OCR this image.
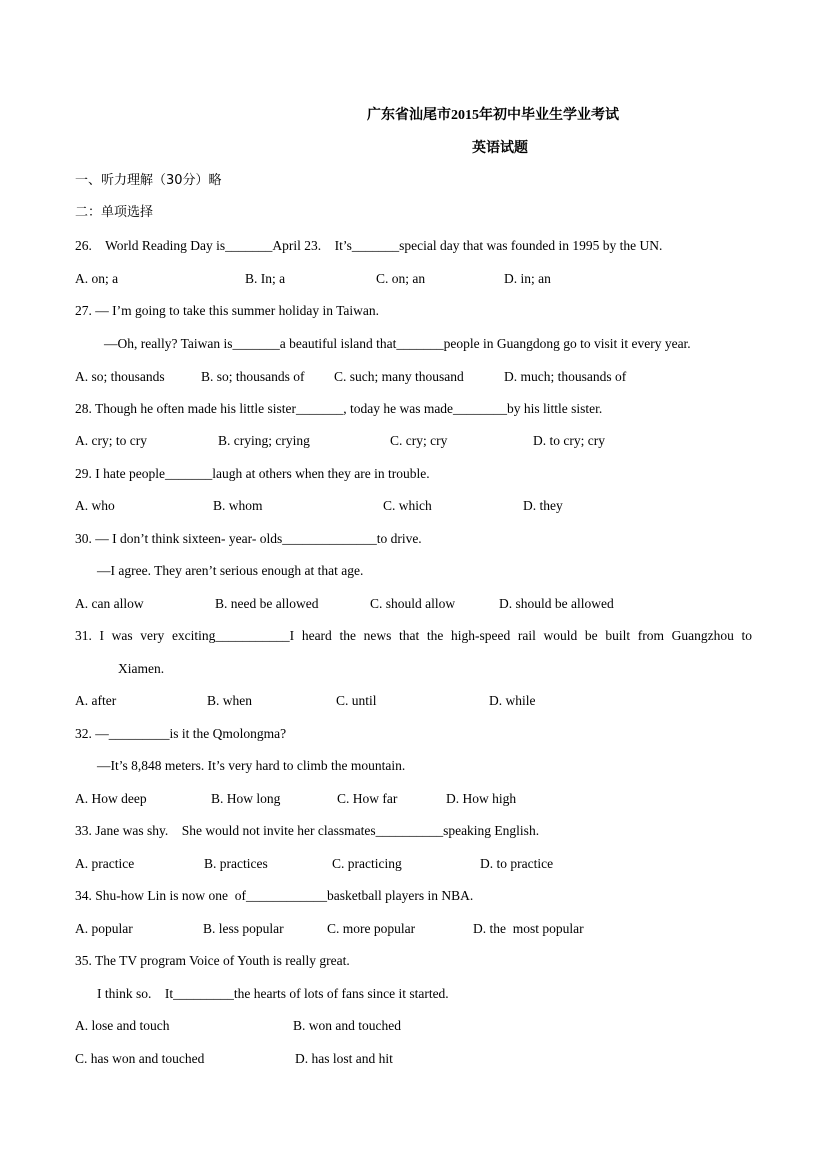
广东省汕尾市2015年初中毕业生学业考试
英语试题
一、听力理解（30分）略
二：单项选择
26.    World Reading Day is_______April 23.    It’s_______special day that was founded in 1995 by the UN.
A. on; a	B. In; a	C. on; an	D. in; an
27. — I’m going to take this summer holiday in Taiwan.
—Oh, really? Taiwan is_______a beautiful island that_______people in Guangdong go to visit it every year.
A. so; thousands	B. so; thousands of C. such; many thousand	D. much; thousands of
28. Though he often made his little sister_______, today he was made________by his little sister.
A. cry; to cry	B. crying; crying	C. cry; cry	D. to cry; cry
29. I hate people_______laugh at others when they are in trouble.
A. who	B. whom	C. which	D. they
30. — I don’t think sixteen- year- olds______________to drive.
—I agree. They aren’t serious enough at that age.
A. can allow	B. need be allowed	C. should allow	D. should be allowed
31. I was very exciting___________I heard the news that the high-speed rail would be built from Guangzhou to
Xiamen.
A. after	B. when	C. until	D. while
32. —_________is it the Qmolongma?
—It’s 8,848 meters. It’s very hard to climb the mountain.
A. How deep	B. How long	C. How far	D. How high
33. Jane was shy.    She would not invite her classmates__________speaking English.
A. practice	B. practices	C. practicing	D. to practice
34. Shu-how Lin is now one  of____________basketball players in NBA.
A. popular	B. less popular	C. more popular	D. the  most popular
35. The TV program Voice of Youth is really great.
I think so.    It_________the hearts of lots of fans since it started.
A. lose and touch	B. won and touched
C. has won and touched	D. has lost and hit
